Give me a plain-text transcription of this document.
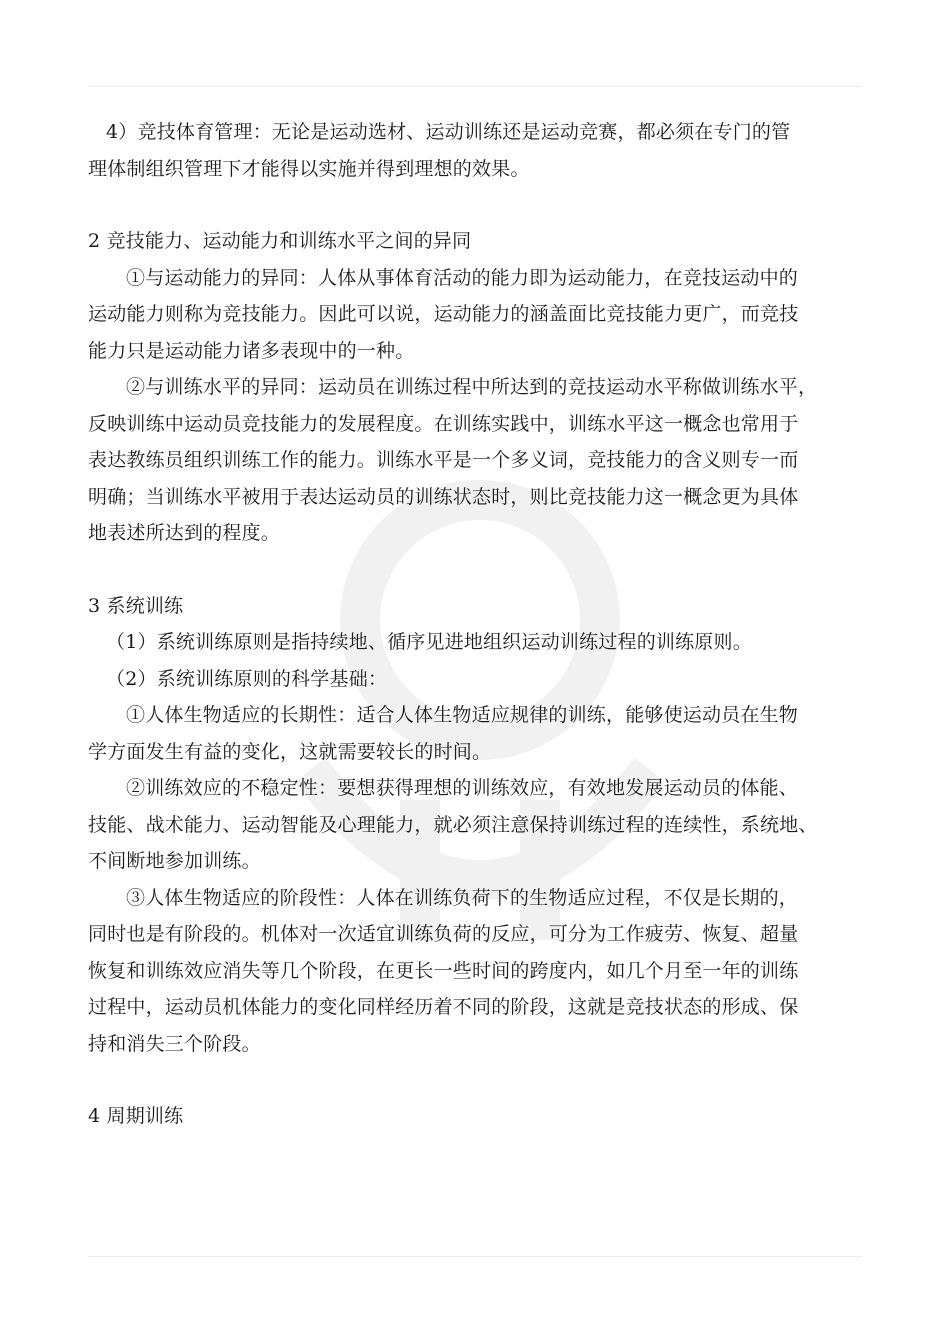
4）竞技体育管理：无论是运动选材、运动训练还是运动竞赛，都必须在专门的管
理体制组织管理下才能得以实施并得到理想的效果。
2 竞技能力、运动能力和训练水平之间的异同
①与运动能力的异同：人体从事体育活动的能力即为运动能力，在竞技运动中的
运动能力则称为竞技能力。因此可以说，运动能力的涵盖面比竞技能力更广，而竞技
能力只是运动能力诸多表现中的一种。
②与训练水平的异同：运动员在训练过程中所达到的竞技运动水平称做训练水平，
反映训练中运动员竞技能力的发展程度。在训练实践中，训练水平这一概念也常用于
表达教练员组织训练工作的能力。训练水平是一个多义词，竞技能力的含义则专一而
明确；当训练水平被用于表达运动员的训练状态时，则比竞技能力这一概念更为具体
地表述所达到的程度。
3 系统训练
（1）系统训练原则是指持续地、循序见进地组织运动训练过程的训练原则。
（2）系统训练原则的科学基础：
①人体生物适应的长期性：适合人体生物适应规律的训练，能够使运动员在生物
学方面发生有益的变化，这就需要较长的时间。
②训练效应的不稳定性：要想获得理想的训练效应，有效地发展运动员的体能、
技能、战术能力、运动智能及心理能力，就必须注意保持训练过程的连续性，系统地、
不间断地参加训练。
③人体生物适应的阶段性：人体在训练负荷下的生物适应过程，不仅是长期的，
同时也是有阶段的。机体对一次适宜训练负荷的反应，可分为工作疲劳、恢复、超量
恢复和训练效应消失等几个阶段，在更长一些时间的跨度内，如几个月至一年的训练
过程中，运动员机体能力的变化同样经历着不同的阶段，这就是竞技状态的形成、保
持和消失三个阶段。
4 周期训练
